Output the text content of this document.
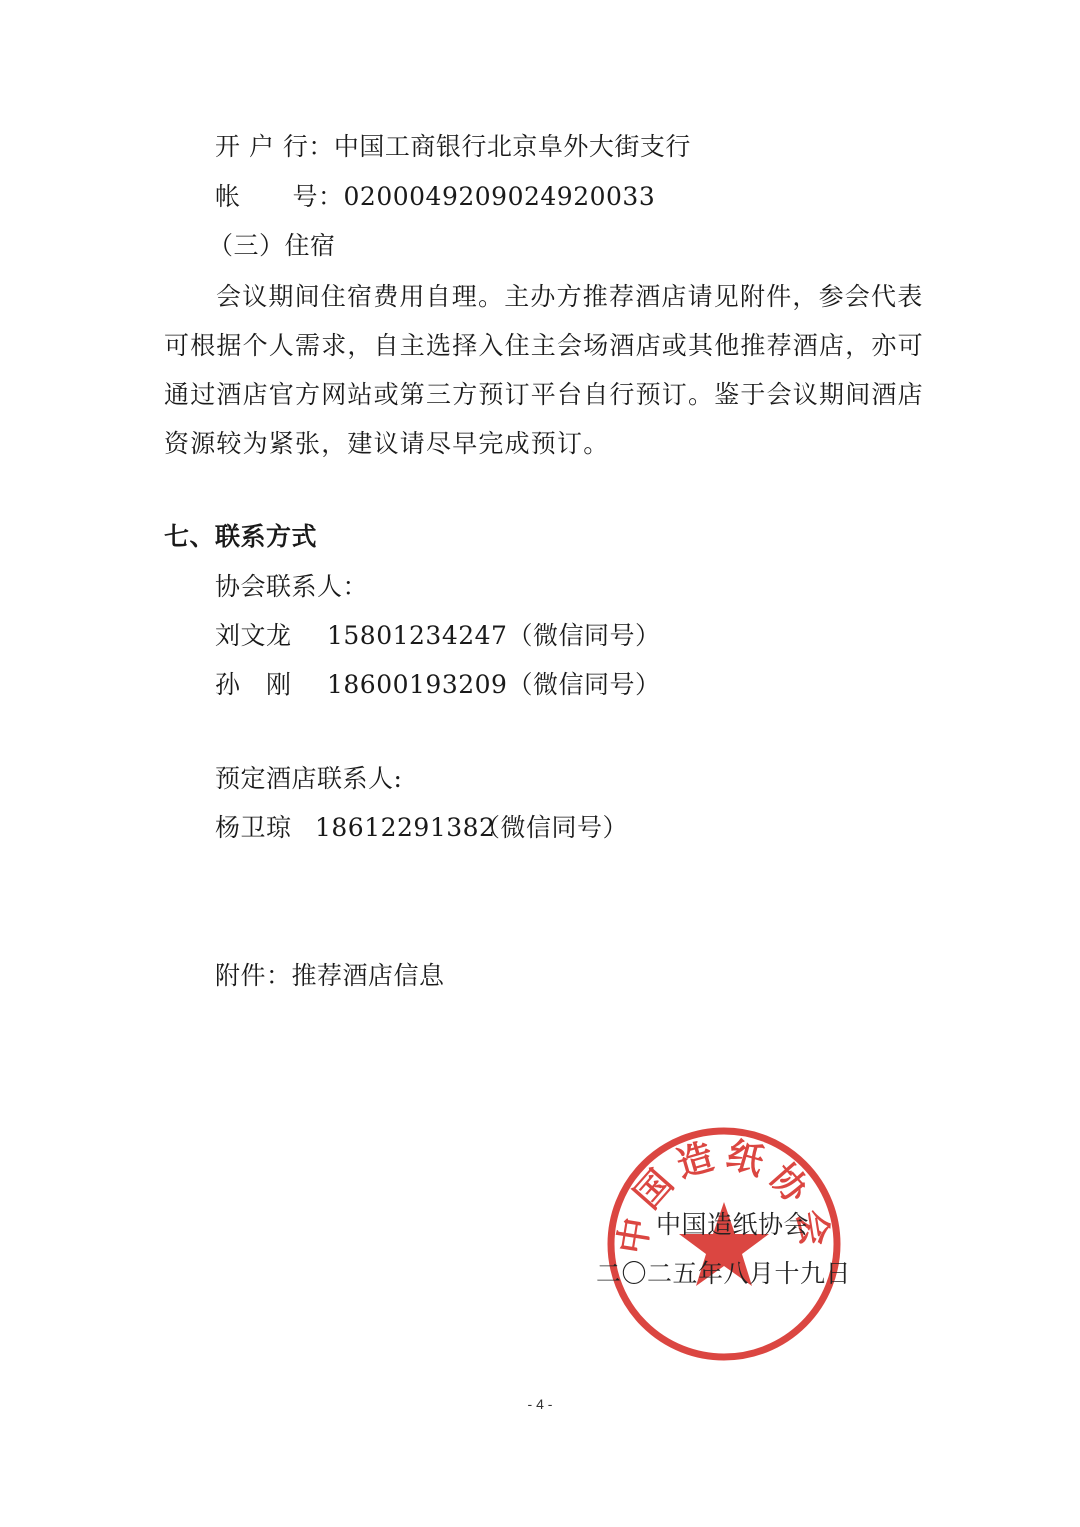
开 户 行：中国工商银行北京阜外大街支行
帐 号：0200049209024920033
（三）住宿
会议期间住宿费用自理。主办方推荐酒店请见附件，参会代表可根据个人需求，自主选择入住主会场酒店或其他推荐酒店，亦可通过酒店官方网站或第三方预订平台自行预订。鉴于会议期间酒店资源较为紧张，建议请尽早完成预订。
七、联系方式
协会联系人：
刘文龙 15801234247（微信同号）
孙　刚 18600193209（微信同号）
预定酒店联系人:
杨卫琼 18612291382（微信同号）
附件：推荐酒店信息
中国造纸协会
中国造纸协会
二〇二五年八月十九日
- 4 -
